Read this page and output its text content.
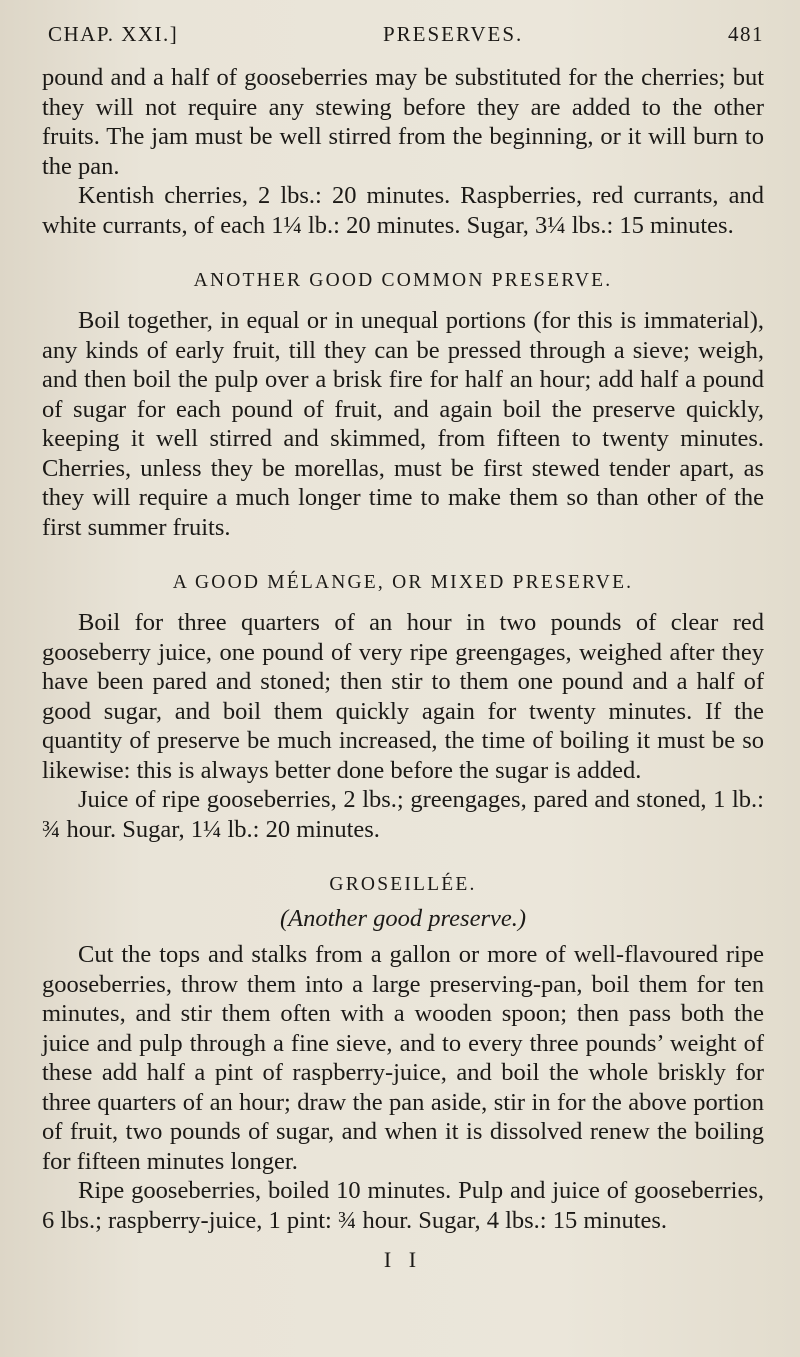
CHAP. XXI.]	PRESERVES.	481

pound and a half of gooseberries may be substituted for the cherries; but they will not require any stewing before they are added to the other fruits. The jam must be well stirred from the beginning, or it will burn to the pan.

Kentish cherries, 2 lbs.: 20 minutes. Raspberries, red currants, and white currants, of each 1¼ lb.: 20 minutes. Sugar, 3¼ lbs.: 15 minutes.

ANOTHER GOOD COMMON PRESERVE.

Boil together, in equal or in unequal portions (for this is immaterial), any kinds of early fruit, till they can be pressed through a sieve; weigh, and then boil the pulp over a brisk fire for half an hour; add half a pound of sugar for each pound of fruit, and again boil the preserve quickly, keeping it well stirred and skimmed, from fifteen to twenty minutes. Cherries, unless they be morellas, must be first stewed tender apart, as they will require a much longer time to make them so than other of the first summer fruits.

A GOOD MÉLANGE, OR MIXED PRESERVE.

Boil for three quarters of an hour in two pounds of clear red gooseberry juice, one pound of very ripe greengages, weighed after they have been pared and stoned; then stir to them one pound and a half of good sugar, and boil them quickly again for twenty minutes. If the quantity of preserve be much increased, the time of boiling it must be so likewise: this is always better done before the sugar is added.

Juice of ripe gooseberries, 2 lbs.; greengages, pared and stoned, 1 lb.: ¾ hour. Sugar, 1¼ lb.: 20 minutes.

GROSEILLÉE.
(Another good preserve.)

Cut the tops and stalks from a gallon or more of well-flavoured ripe gooseberries, throw them into a large preserving-pan, boil them for ten minutes, and stir them often with a wooden spoon; then pass both the juice and pulp through a fine sieve, and to every three pounds’ weight of these add half a pint of raspberry-juice, and boil the whole briskly for three quarters of an hour; draw the pan aside, stir in for the above portion of fruit, two pounds of sugar, and when it is dissolved renew the boiling for fifteen minutes longer.

Ripe gooseberries, boiled 10 minutes. Pulp and juice of gooseberries, 6 lbs.; raspberry-juice, 1 pint: ¾ hour. Sugar, 4 lbs.: 15 minutes.

I I
